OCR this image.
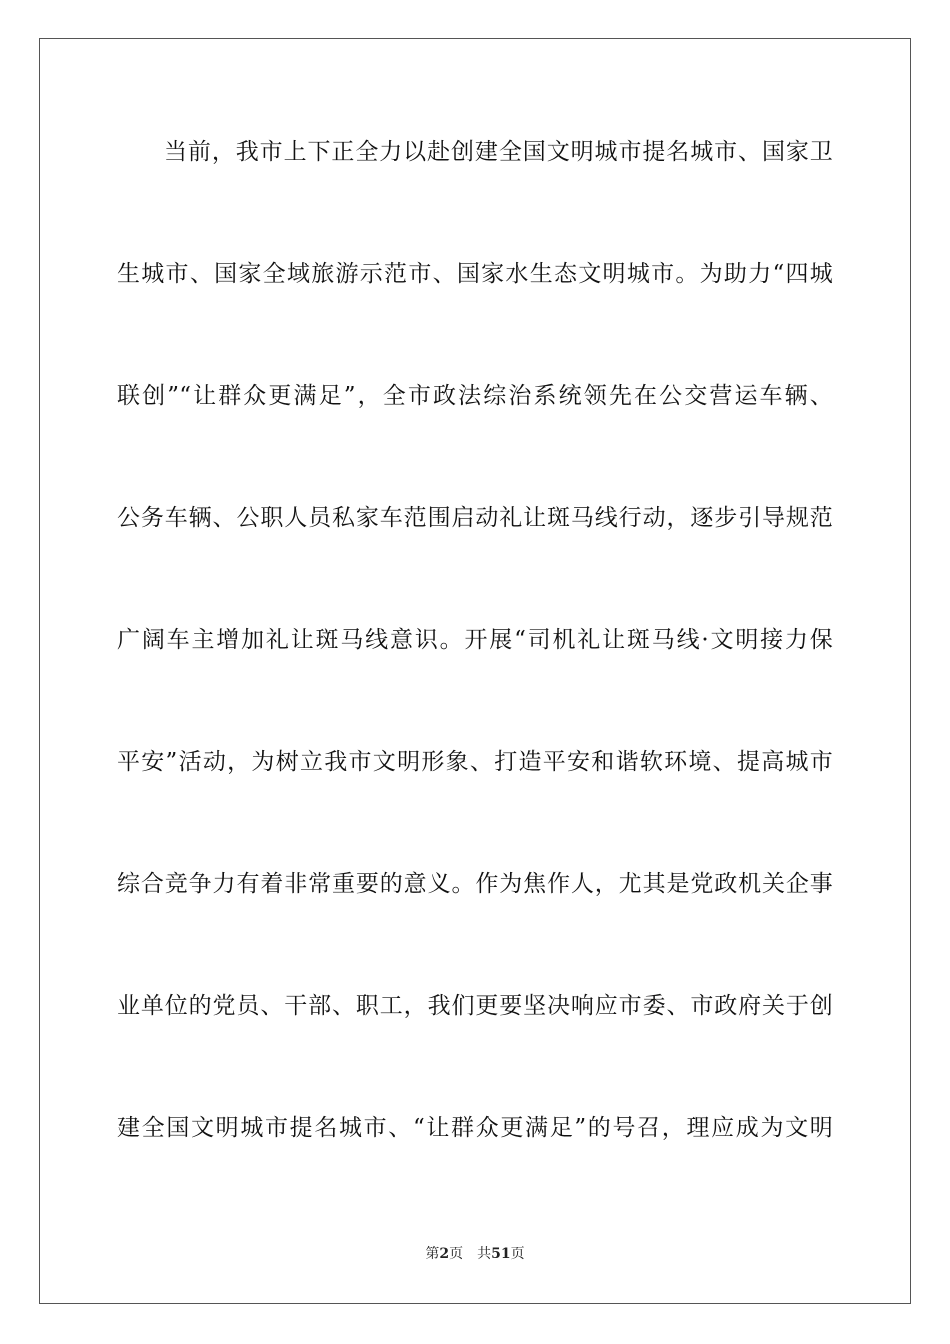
当前，我市上下正全力以赴创建全国文明城市提名城市、国家卫
生城市、国家全域旅游示范市、国家水生态文明城市。为助力“四城
联创”“让群众更满足”，全市政法综治系统领先在公交营运车辆、
公务车辆、公职人员私家车范围启动礼让斑马线行动，逐步引导规范
广阔车主增加礼让斑马线意识。开展“司机礼让斑马线·文明接力保
平安”活动，为树立我市文明形象、打造平安和谐软环境、提高城市
综合竞争力有着非常重要的意义。作为焦作人，尤其是党政机关企事
业单位的党员、干部、职工，我们更要坚决响应市委、市政府关于创
建全国文明城市提名城市、“让群众更满足”的号召，理应成为文明
第2页 共51页
